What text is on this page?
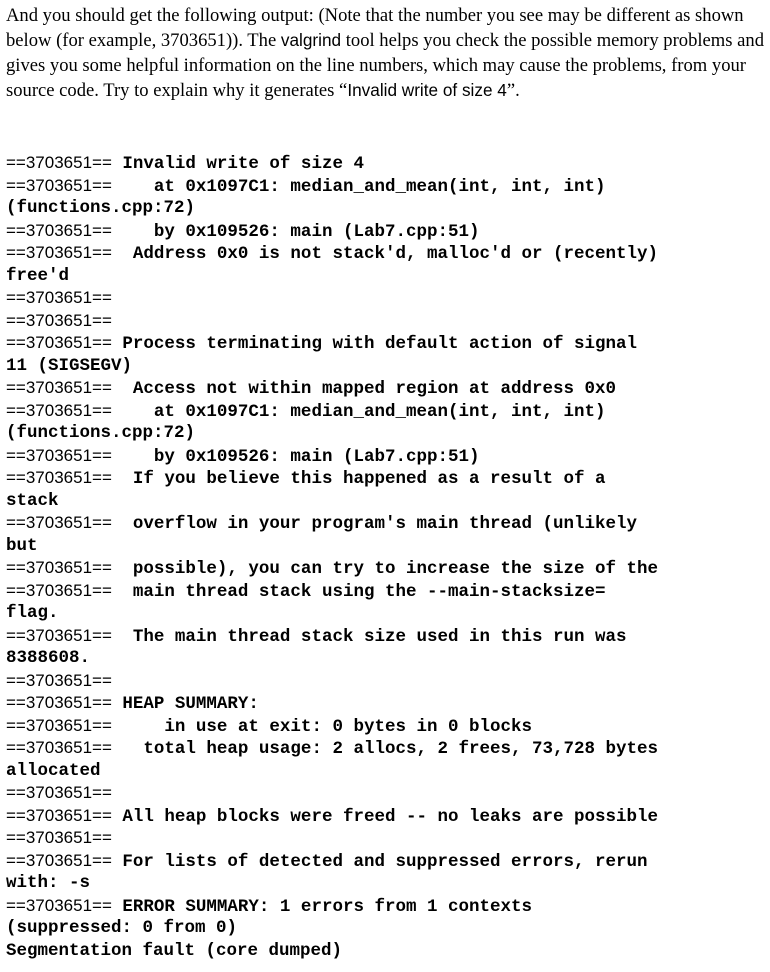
And you should get the following output: (Note that the number you see may be different as shown below (for example, 3703651)). The valgrind tool helps you check the possible memory problems and gives you some helpful information on the line numbers, which may cause the problems, from your source code. Try to explain why it generates “Invalid write of size 4”.
==3703651== Invalid write of size 4
==3703651==    at 0x1097C1: median_and_mean(int, int, int)
(functions.cpp:72)
==3703651==    by 0x109526: main (Lab7.cpp:51)
==3703651==  Address 0x0 is not stack'd, malloc'd or (recently)
free'd
==3703651==
==3703651==
==3703651== Process terminating with default action of signal
11 (SIGSEGV)
==3703651==  Access not within mapped region at address 0x0
==3703651==    at 0x1097C1: median_and_mean(int, int, int)
(functions.cpp:72)
==3703651==    by 0x109526: main (Lab7.cpp:51)
==3703651==  If you believe this happened as a result of a
stack
==3703651==  overflow in your program's main thread (unlikely
but
==3703651==  possible), you can try to increase the size of the
==3703651==  main thread stack using the --main-stacksize=
flag.
==3703651==  The main thread stack size used in this run was
8388608.
==3703651==
==3703651== HEAP SUMMARY:
==3703651==     in use at exit: 0 bytes in 0 blocks
==3703651==   total heap usage: 2 allocs, 2 frees, 73,728 bytes
allocated
==3703651==
==3703651== All heap blocks were freed -- no leaks are possible
==3703651==
==3703651== For lists of detected and suppressed errors, rerun
with: -s
==3703651== ERROR SUMMARY: 1 errors from 1 contexts
(suppressed: 0 from 0)
Segmentation fault (core dumped)
